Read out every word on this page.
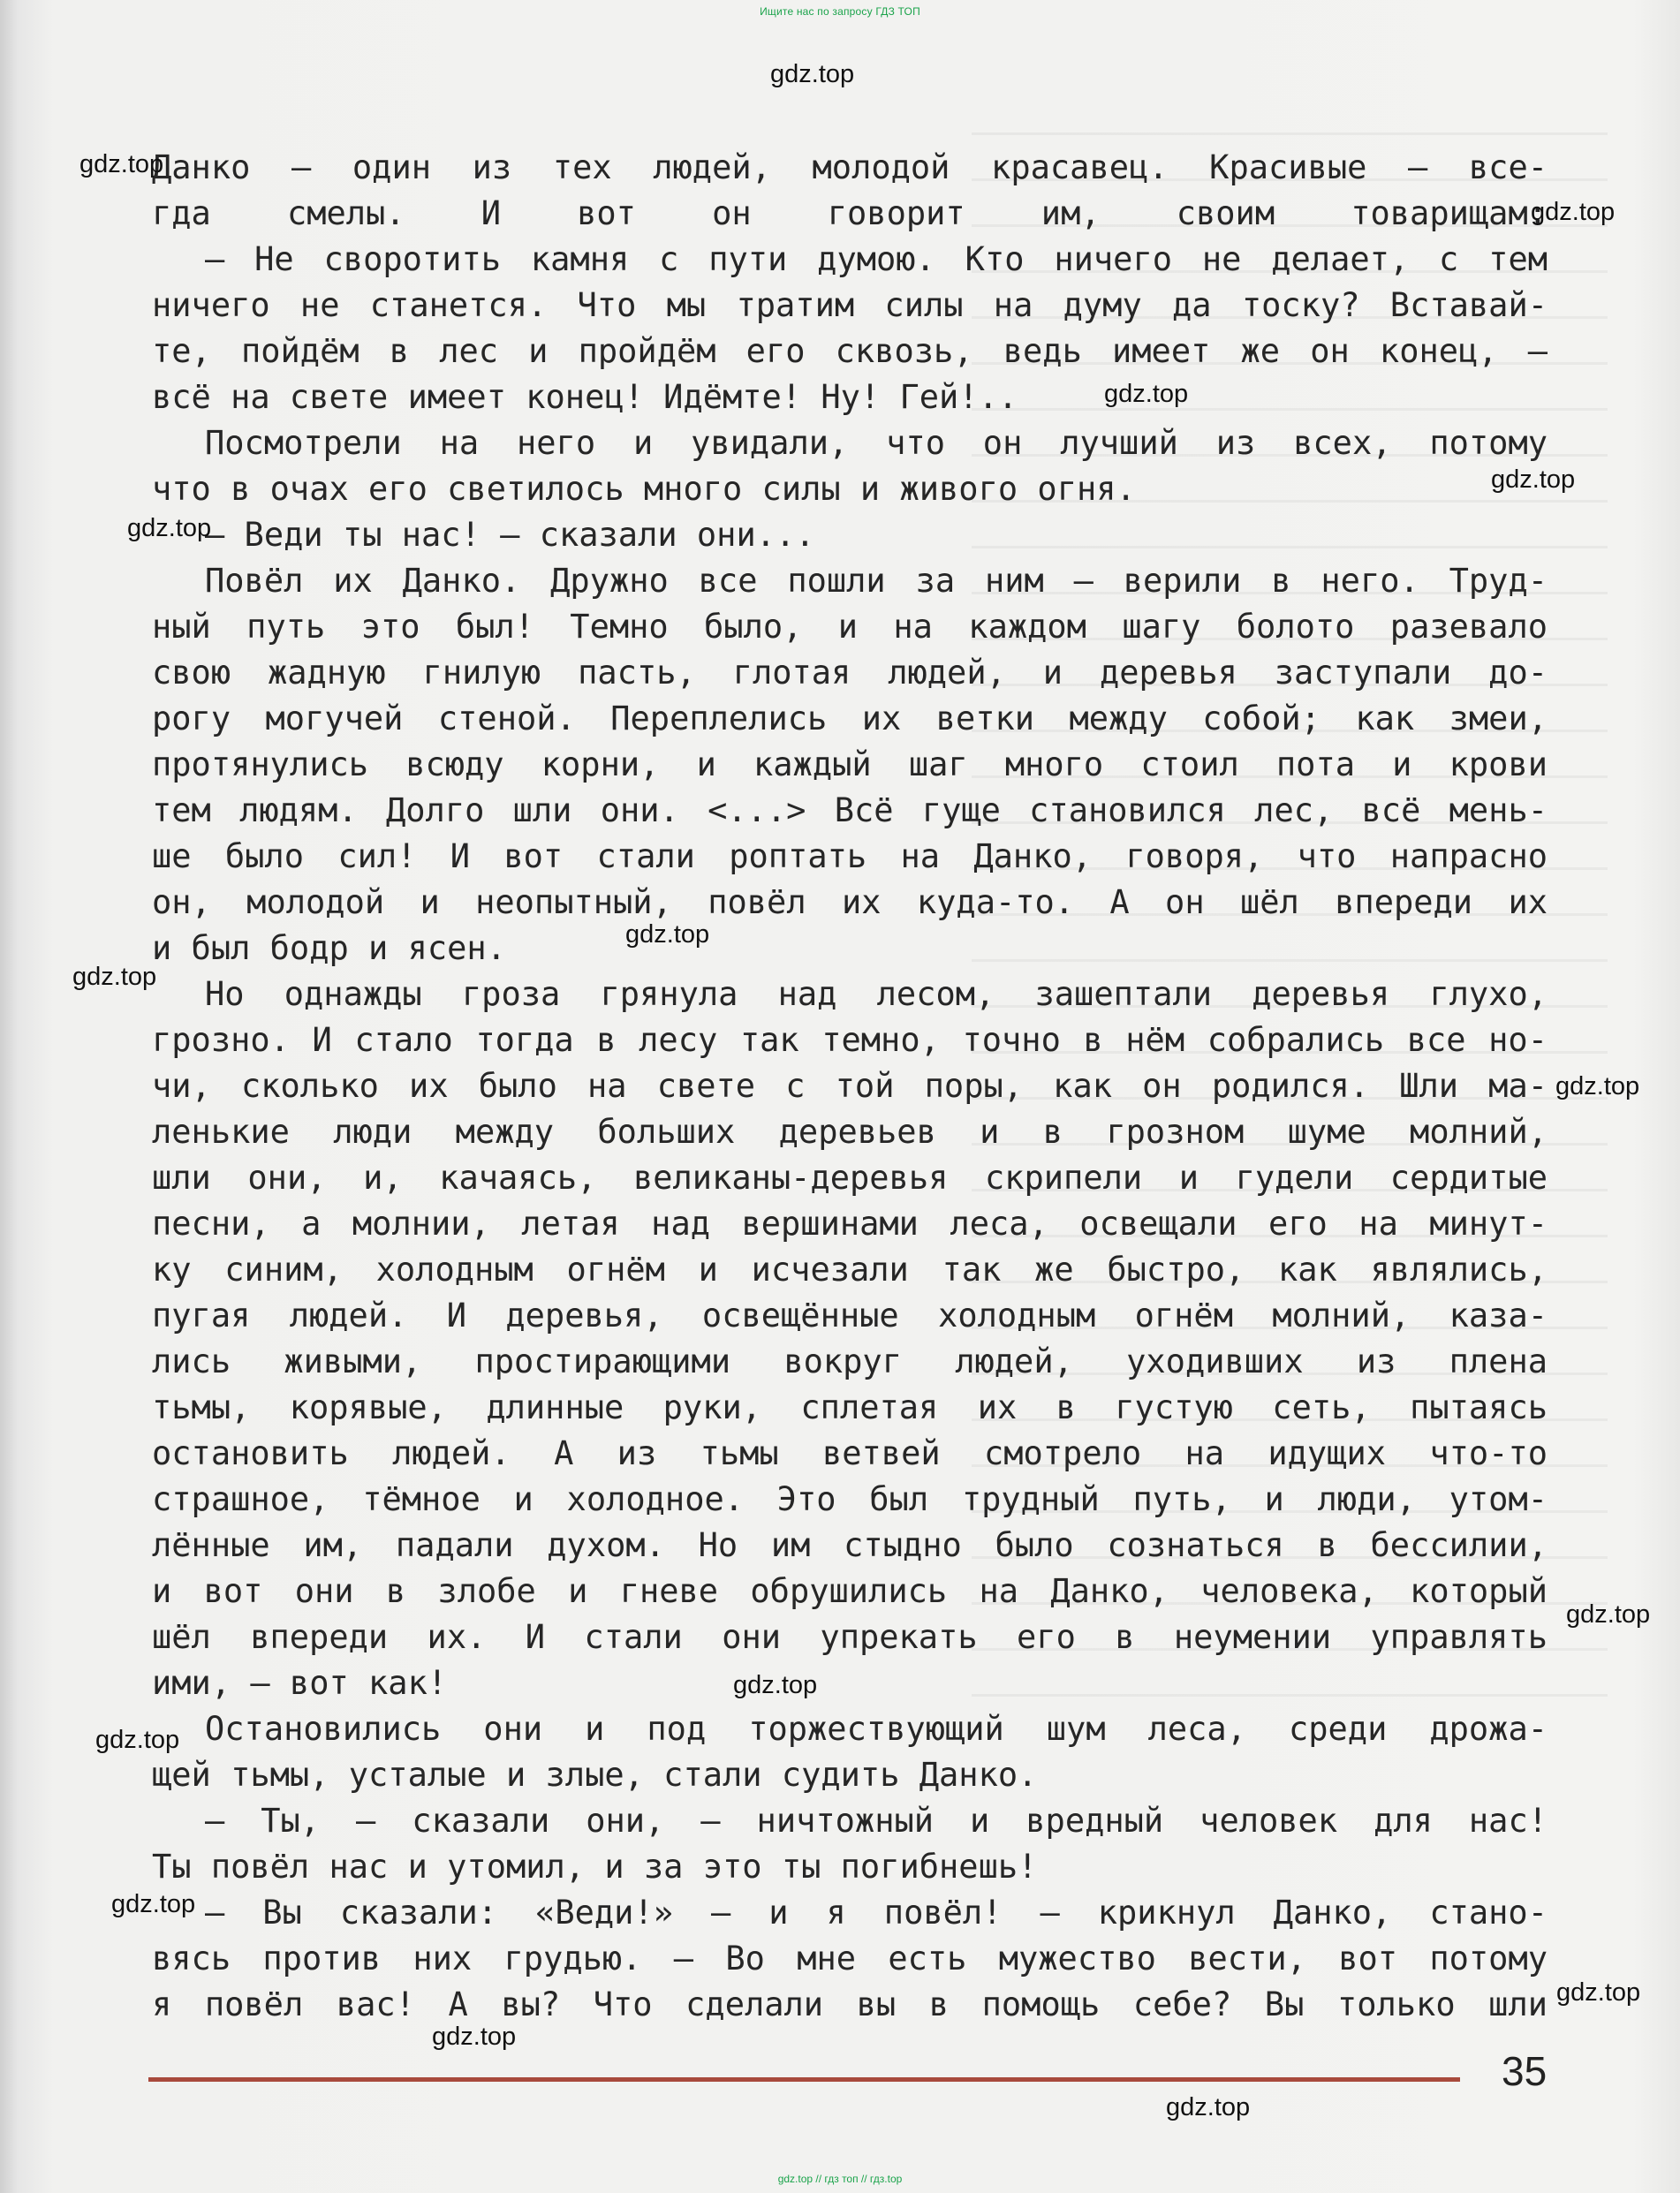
Ищите нас по запросу ГДЗ ТОП
Данко — один из тех людей, молодой красавец. Красивые — все-
гда смелы. И вот он говорит им, своим товарищам:
— Не своротить камня с пути думою. Кто ничего не делает, с тем
ничего не станется. Что мы тратим силы на думу да тоску? Вставай-
те, пойдём в лес и пройдём его сквозь, ведь имеет же он конец, —
всё на свете имеет конец! Идёмте! Ну! Гей!..
Посмотрели на него и увидали, что он лучший из всех, потому
что в очах его светилось много силы и живого огня.
— Веди ты нас! — сказали они...
Повёл их Данко. Дружно все пошли за ним — верили в него. Труд-
ный путь это был! Темно было, и на каждом шагу болото разевало
свою жадную гнилую пасть, глотая людей, и деревья заступали до-
рогу могучей стеной. Переплелись их ветки между собой; как змеи,
протянулись всюду корни, и каждый шаг много стоил пота и крови
тем людям. Долго шли они. <...> Всё гуще становился лес, всё мень-
ше было сил! И вот стали роптать на Данко, говоря, что напрасно
он, молодой и неопытный, повёл их куда-то. А он шёл впереди их
и был бодр и ясен.
Но однажды гроза грянула над лесом, зашептали деревья глухо,
грозно. И стало тогда в лесу так темно, точно в нём собрались все но-
чи, сколько их было на свете с той поры, как он родился. Шли ма-
ленькие люди между больших деревьев и в грозном шуме молний,
шли они, и, качаясь, великаны-деревья скрипели и гудели сердитые
песни, а молнии, летая над вершинами леса, освещали его на минут-
ку синим, холодным огнём и исчезали так же быстро, как являлись,
пугая людей. И деревья, освещённые холодным огнём молний, каза-
лись живыми, простирающими вокруг людей, уходивших из плена
тьмы, корявые, длинные руки, сплетая их в густую сеть, пытаясь
остановить людей. А из тьмы ветвей смотрело на идущих что-то
страшное, тёмное и холодное. Это был трудный путь, и люди, утом-
лённые им, падали духом. Но им стыдно было сознаться в бессилии,
и вот они в злобе и гневе обрушились на Данко, человека, который
шёл впереди их. И стали они упрекать его в неумении управлять
ими, — вот как!
Остановились они и под торжествующий шум леса, среди дрожа-
щей тьмы, усталые и злые, стали судить Данко.
— Ты, — сказали они, — ничтожный и вредный человек для нас!
Ты повёл нас и утомил, и за это ты погибнешь!
— Вы сказали: «Веди!» — и я повёл! — крикнул Данко, стано-
вясь против них грудью. — Во мне есть мужество вести, вот потому
я повёл вас! А вы? Что сделали вы в помощь себе? Вы только шли
35
gdz.top
gdz.top
gdz.top
gdz.top
gdz.top
gdz.top
gdz.top
gdz.top
gdz.top
gdz.top
gdz.top
gdz.top
gdz.top
gdz.top
gdz.top
gdz.top
gdz.top // гдз топ // гдз.top
